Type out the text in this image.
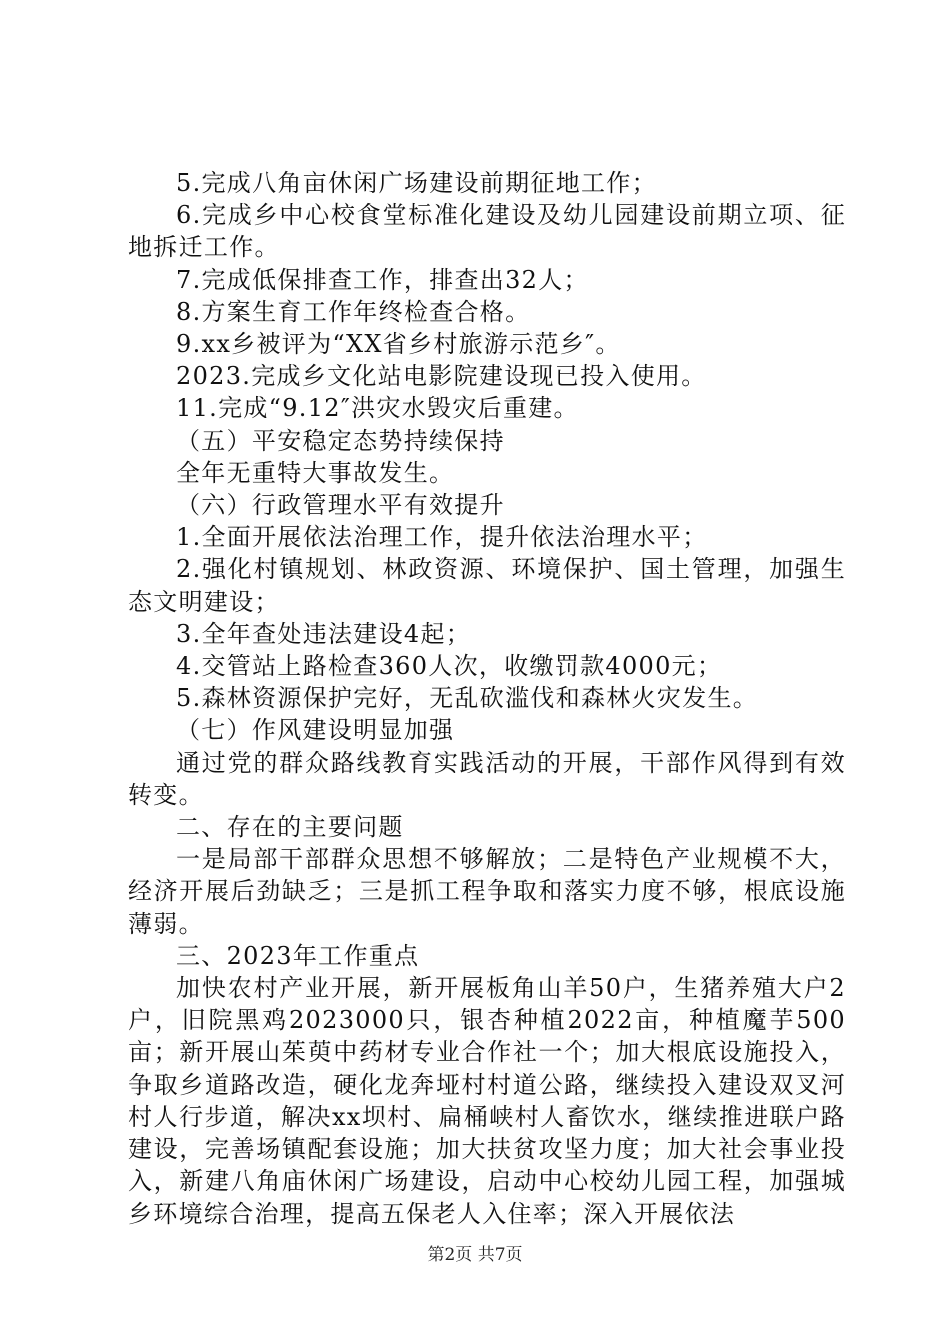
5.完成八角亩休闲广场建设前期征地工作；

6.完成乡中心校食堂标准化建设及幼儿园建设前期立项、征地拆迁工作。

7.完成低保排查工作，排查出32人；

8.方案生育工作年终检查合格。

9.xx乡被评为“XX省乡村旅游示范乡″。

2023.完成乡文化站电影院建设现已投入使用。

11.完成“9.12″洪灾水毁灾后重建。

（五）平安稳定态势持续保持

全年无重特大事故发生。

（六）行政管理水平有效提升

1.全面开展依法治理工作，提升依法治理水平；

2.强化村镇规划、林政资源、环境保护、国土管理，加强生态文明建设；

3.全年查处违法建设4起；

4.交管站上路检查360人次，收缴罚款4000元；

5.森林资源保护完好，无乱砍滥伐和森林火灾发生。

（七）作风建设明显加强

通过党的群众路线教育实践活动的开展，干部作风得到有效转变。

二、存在的主要问题

一是局部干部群众思想不够解放；二是特色产业规模不大，经济开展后劲缺乏；三是抓工程争取和落实力度不够，根底设施薄弱。

三、2023年工作重点

加快农村产业开展，新开展板角山羊50户，生猪养殖大户2户，旧院黑鸡2023000只，银杏种植2022亩，种植魔芋500亩；新开展山茱萸中药材专业合作社一个；加大根底设施投入，争取乡道路改造，硬化龙奔垭村村道公路，继续投入建设双叉河村人行步道，解决xx坝村、扁桶峡村人畜饮水，继续推进联户路建设，完善场镇配套设施；加大扶贫攻坚力度；加大社会事业投入，新建八角庙休闲广场建设，启动中心校幼儿园工程，加强城乡环境综合治理，提高五保老人入住率；深入开展依法

第2页 共7页
